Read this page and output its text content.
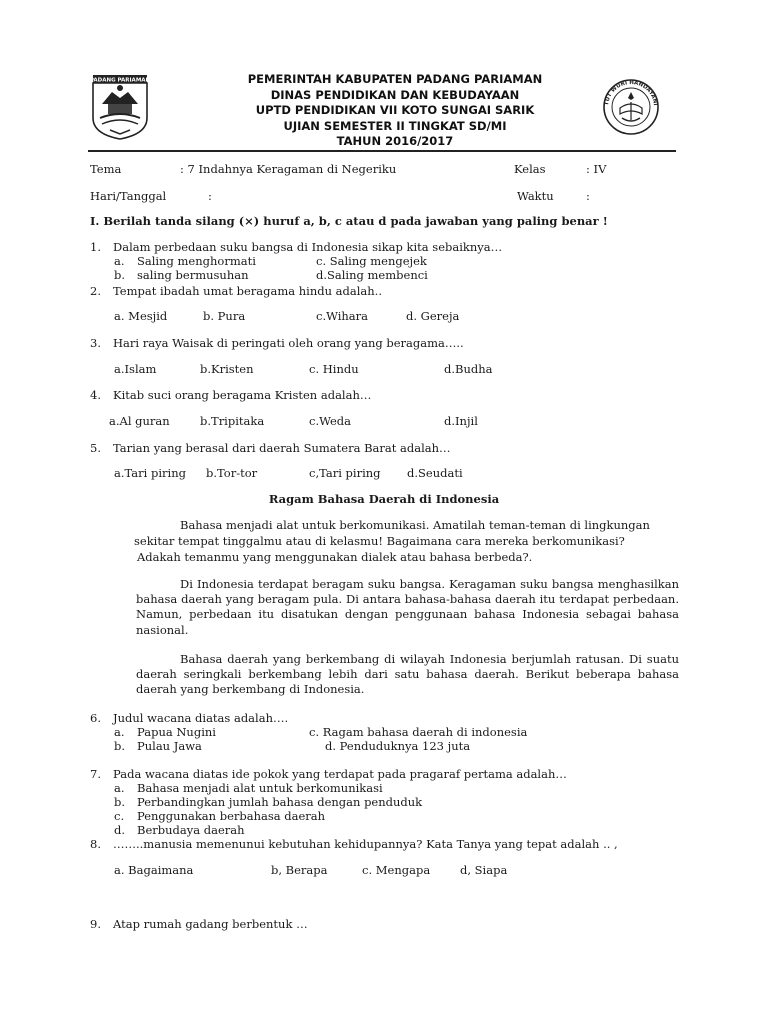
PADANG PARIAMAN	PEMERINTAH KABUPATEN PADANG PARIAMAN
DINAS PENDIDIKAN DAN KEBUDAYAAN
UPTD PENDIDIKAN VII KOTO SUNGAI SARIK
UJIAN SEMESTER II TINGKAT SD/MI
TAHUN 2016/2017
TUT WURI HANDAYANI
Tema	: 7 Indahnya Keragaman di Negeriku	Kelas	: IV
Hari/Tanggal	:	Waktu	:
I. Berilah tanda silang (×) huruf a, b, c atau d pada jawaban yang paling benar !
1. Dalam perbedaan suku bangsa di Indonesia sikap kita sebaiknya…
a. Saling menghormati	c. Saling mengejek
b. saling bermusuhan	d.Saling membenci
2. Tempat ibadah umat beragama hindu adalah..
a. Mesjid	b. Pura	c.Wihara	d. Gereja
3. Hari raya Waisak di peringati oleh orang yang beragama…..
a.Islam	b.Kristen	c. Hindu	d.Budha
4. Kitab suci orang beragama Kristen adalah…
a.Al guran	b.Tripitaka	c.Weda	d.Injil
5. Tarian yang berasal dari daerah Sumatera Barat adalah…
a.Tari piring b.Tor-tor	c,Tari piring d.Seudati
Ragam Bahasa Daerah di Indonesia
Bahasa menjadi alat untuk berkomunikasi. Amatilah teman-teman di lingkungan
sekitar tempat tinggalmu atau di kelasmu! Bagaimana cara mereka berkomunikasi?
Adakah temanmu yang menggunakan dialek atau bahasa berbeda?.
Di Indonesia terdapat beragam suku bangsa. Keragaman suku bangsa menghasilkan bahasa daerah yang beragam pula. Di antara bahasa-bahasa daerah itu terdapat perbedaan. Namun, perbedaan itu disatukan dengan penggunaan bahasa Indonesia sebagai bahasa nasional.
Bahasa daerah yang berkembang di wilayah Indonesia berjumlah ratusan. Di suatu daerah seringkali berkembang lebih dari satu bahasa daerah. Berikut beberapa bahasa daerah yang berkembang di Indonesia.
6. Judul wacana diatas adalah….
a. Papua Nugini	c. Ragam bahasa daerah di indonesia
b. Pulau Jawa	d. Penduduknya 123 juta
7. Pada wacana diatas ide pokok yang terdapat pada pragaraf pertama adalah…
a. Bahasa menjadi alat untuk berkomunikasi
b. Perbandingkan jumlah bahasa dengan penduduk
c. Penggunakan berbahasa daerah
d. Berbudaya daerah
8. ……..manusia memenunui kebutuhan kehidupannya? Kata Tanya yang tepat adalah .. ,
a. Bagaimana	b, Berapa	c. Mengapa	d, Siapa
9. Atap rumah gadang berbentuk …
